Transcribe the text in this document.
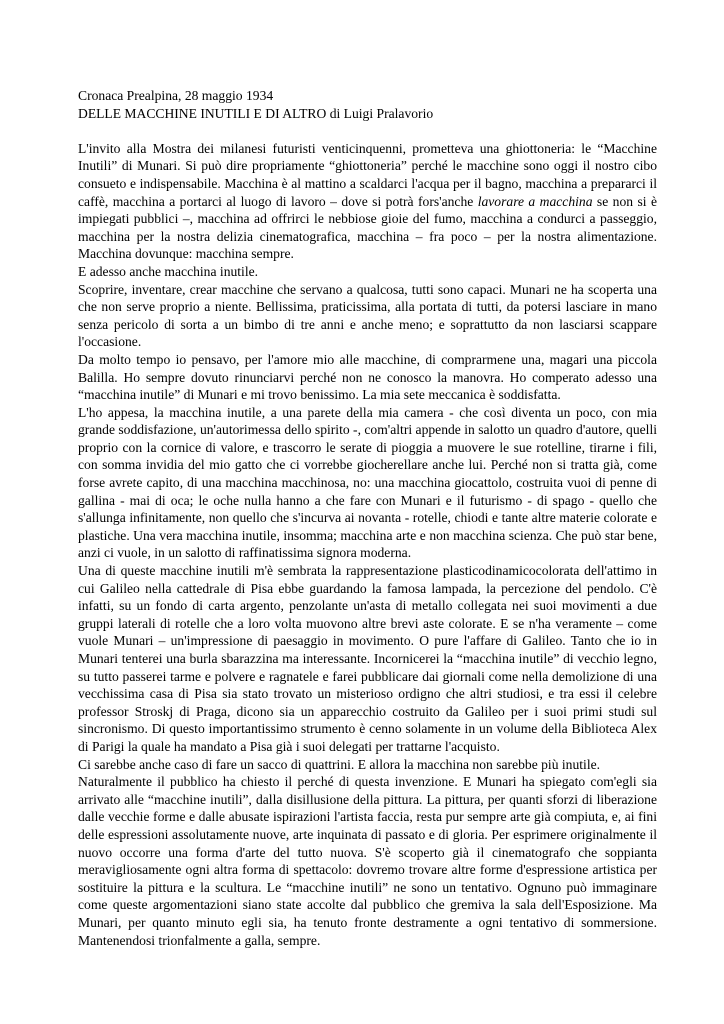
Cronaca Prealpina, 28 maggio 1934

DELLE MACCHINE INUTILI E DI ALTRO di Luigi Pralavorio

L'invito alla Mostra dei milanesi futuristi venticinquenni, prometteva una ghiottoneria: le “Macchine Inutili” di Munari. Si può dire propriamente “ghiottoneria” perché le macchine sono oggi il nostro cibo consueto e indispensabile. Macchina è al mattino a scaldarci l'acqua per il bagno, macchina a prepararci il caffè, macchina a portarci al luogo di lavoro – dove si potrà fors'anche lavorare a macchina se non si è impiegati pubblici –, macchina ad offrirci le nebbiose gioie del fumo, macchina a condurci a passeggio, macchina per la nostra delizia cinematografica, macchina – fra poco – per la nostra alimentazione. Macchina dovunque: macchina sempre.

E adesso anche macchina inutile.

Scoprire, inventare, crear macchine che servano a qualcosa, tutti sono capaci. Munari ne ha scoperta una che non serve proprio a niente. Bellissima, praticissima, alla portata di tutti, da potersi lasciare in mano senza pericolo di sorta a un bimbo di tre anni e anche meno; e soprattutto da non lasciarsi scappare l'occasione.

Da molto tempo io pensavo, per l'amore mio alle macchine, di comprarmene una, magari una piccola Balilla. Ho sempre dovuto rinunciarvi perché non ne conosco la manovra. Ho comperato adesso una “macchina inutile” di Munari e mi trovo benissimo. La mia sete meccanica è soddisfatta.

L'ho appesa, la macchina inutile, a una parete della mia camera - che così diventa un poco, con mia grande soddisfazione, un'autorimessa dello spirito -, com'altri appende in salotto un quadro d'autore, quelli proprio con la cornice di valore, e trascorro le serate di pioggia a muovere le sue rotelline, tirarne i fili, con somma invidia del mio gatto che ci vorrebbe giocherellare anche lui. Perché non si tratta già, come forse avrete capito, di una macchina macchinosa, no: una macchina giocattolo, costruita vuoi di penne di gallina - mai di oca; le oche nulla hanno a che fare con Munari e il futurismo - di spago - quello che s'allunga infinitamente, non quello che s'incurva ai novanta - rotelle, chiodi e tante altre materie colorate e plastiche. Una vera macchina inutile, insomma; macchina arte e non macchina scienza. Che può star bene, anzi ci vuole, in un salotto di raffinatissima signora moderna.

Una di queste macchine inutili m'è sembrata la rappresentazione plasticodinamicocolorata dell'attimo in cui Galileo nella cattedrale di Pisa ebbe guardando la famosa lampada, la percezione del pendolo. C'è infatti, su un fondo di carta argento, penzolante un'asta di metallo collegata nei suoi movimenti a due gruppi laterali di rotelle che a loro volta muovono altre brevi aste colorate. E se n'ha veramente – come vuole Munari – un'impressione di paesaggio in movimento. O pure l'affare di Galileo. Tanto che io in Munari tenterei una burla sbarazzina ma interessante. Incornicerei la “macchina inutile” di vecchio legno, su tutto passerei tarme e polvere e ragnatele e farei pubblicare dai giornali come nella demolizione di una vecchissima casa di Pisa sia stato trovato un misterioso ordigno che altri studiosi, e tra essi il celebre professor Stroskj di Praga, dicono sia un apparecchio costruito da Galileo per i suoi primi studi sul sincronismo. Di questo importantissimo strumento è cenno solamente in un volume della Biblioteca Alex di Parigi la quale ha mandato a Pisa già i suoi delegati per trattarne l'acquisto.

Ci sarebbe anche caso di fare un sacco di quattrini. E allora la macchina non sarebbe più inutile.

Naturalmente il pubblico ha chiesto il perché di questa invenzione. E Munari ha spiegato com'egli sia arrivato alle “macchine inutili”, dalla disillusione della pittura. La pittura, per quanti sforzi di liberazione dalle vecchie forme e dalle abusate ispirazioni l'artista faccia, resta pur sempre arte già compiuta, e, ai fini delle espressioni assolutamente nuove, arte inquinata di passato e di gloria. Per esprimere originalmente il nuovo occorre una forma d'arte del tutto nuova. S'è scoperto già il cinematografo che soppianta meravigliosamente ogni altra forma di spettacolo: dovremo trovare altre forme d'espressione artistica per sostituire la pittura e la scultura. Le “macchine inutili” ne sono un tentativo. Ognuno può immaginare come queste argomentazioni siano state accolte dal pubblico che gremiva la sala dell'Esposizione. Ma Munari, per quanto minuto egli sia, ha tenuto fronte destramente a ogni tentativo di sommersione. Mantenendosi trionfalmente a galla, sempre.
